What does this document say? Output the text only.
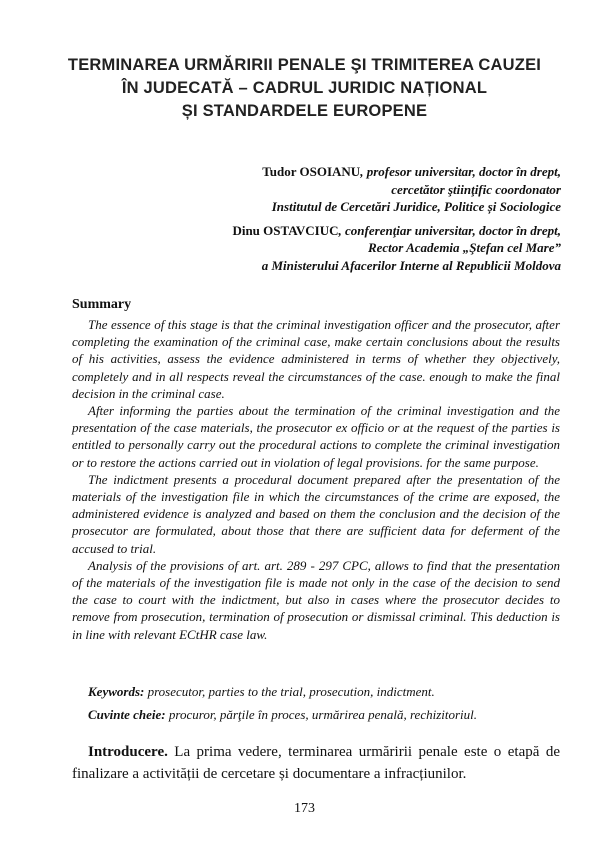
TERMINAREA URMĂRIRII PENALE ŞI TRIMITEREA CAUZEI
ÎN JUDECATĂ – CADRUL JURIDIC NAȚIONAL
ȘI STANDARDELE EUROPENE
Tudor OSOIANU, profesor universitar, doctor în drept,
cercetător ştiinţific coordonator
Institutul de Cercetări Juridice, Politice și Sociologice
Dinu OSTAVCIUC, conferenţiar universitar, doctor în drept,
Rector Academia „Ştefan cel Mare”
a Ministerului Afacerilor Interne al Republicii Moldova
Summary

The essence of this stage is that the criminal investigation officer and the prosecutor, after completing the examination of the criminal case, make certain conclusions about the results of his activities, assess the evidence administered in terms of whether they objectively, completely and in all respects reveal the circumstances of the case. enough to make the final decision in the criminal case.

After informing the parties about the termination of the criminal investigation and the presentation of the case materials, the prosecutor ex officio or at the request of the parties is entitled to personally carry out the procedural actions to complete the criminal investigation or to restore the actions carried out in violation of legal provisions. for the same purpose.

The indictment presents a procedural document prepared after the presentation of the materials of the investigation file in which the circumstances of the crime are exposed, the administered evidence is analyzed and based on them the conclusion and the decision of the prosecutor are formulated, about those that there are sufficient data for deferment of the accused to trial.

Analysis of the provisions of art. art. 289 - 297 CPC, allows to find that the presentation of the materials of the investigation file is made not only in the case of the decision to send the case to court with the indictment, but also in cases where the prosecutor decides to remove from prosecution, termination of prosecution or dismissal criminal. This deduction is in line with relevant ECtHR case law.

Keywords: prosecutor, parties to the trial, prosecution, indictment.
Cuvinte cheie: procuror, părţile în proces, urmărirea penală, rechizitoriul.
Introducere. La prima vedere, terminarea urmăririi penale este o etapă de finalizare a activității de cercetare și documentare a infracțiunilor.
173
